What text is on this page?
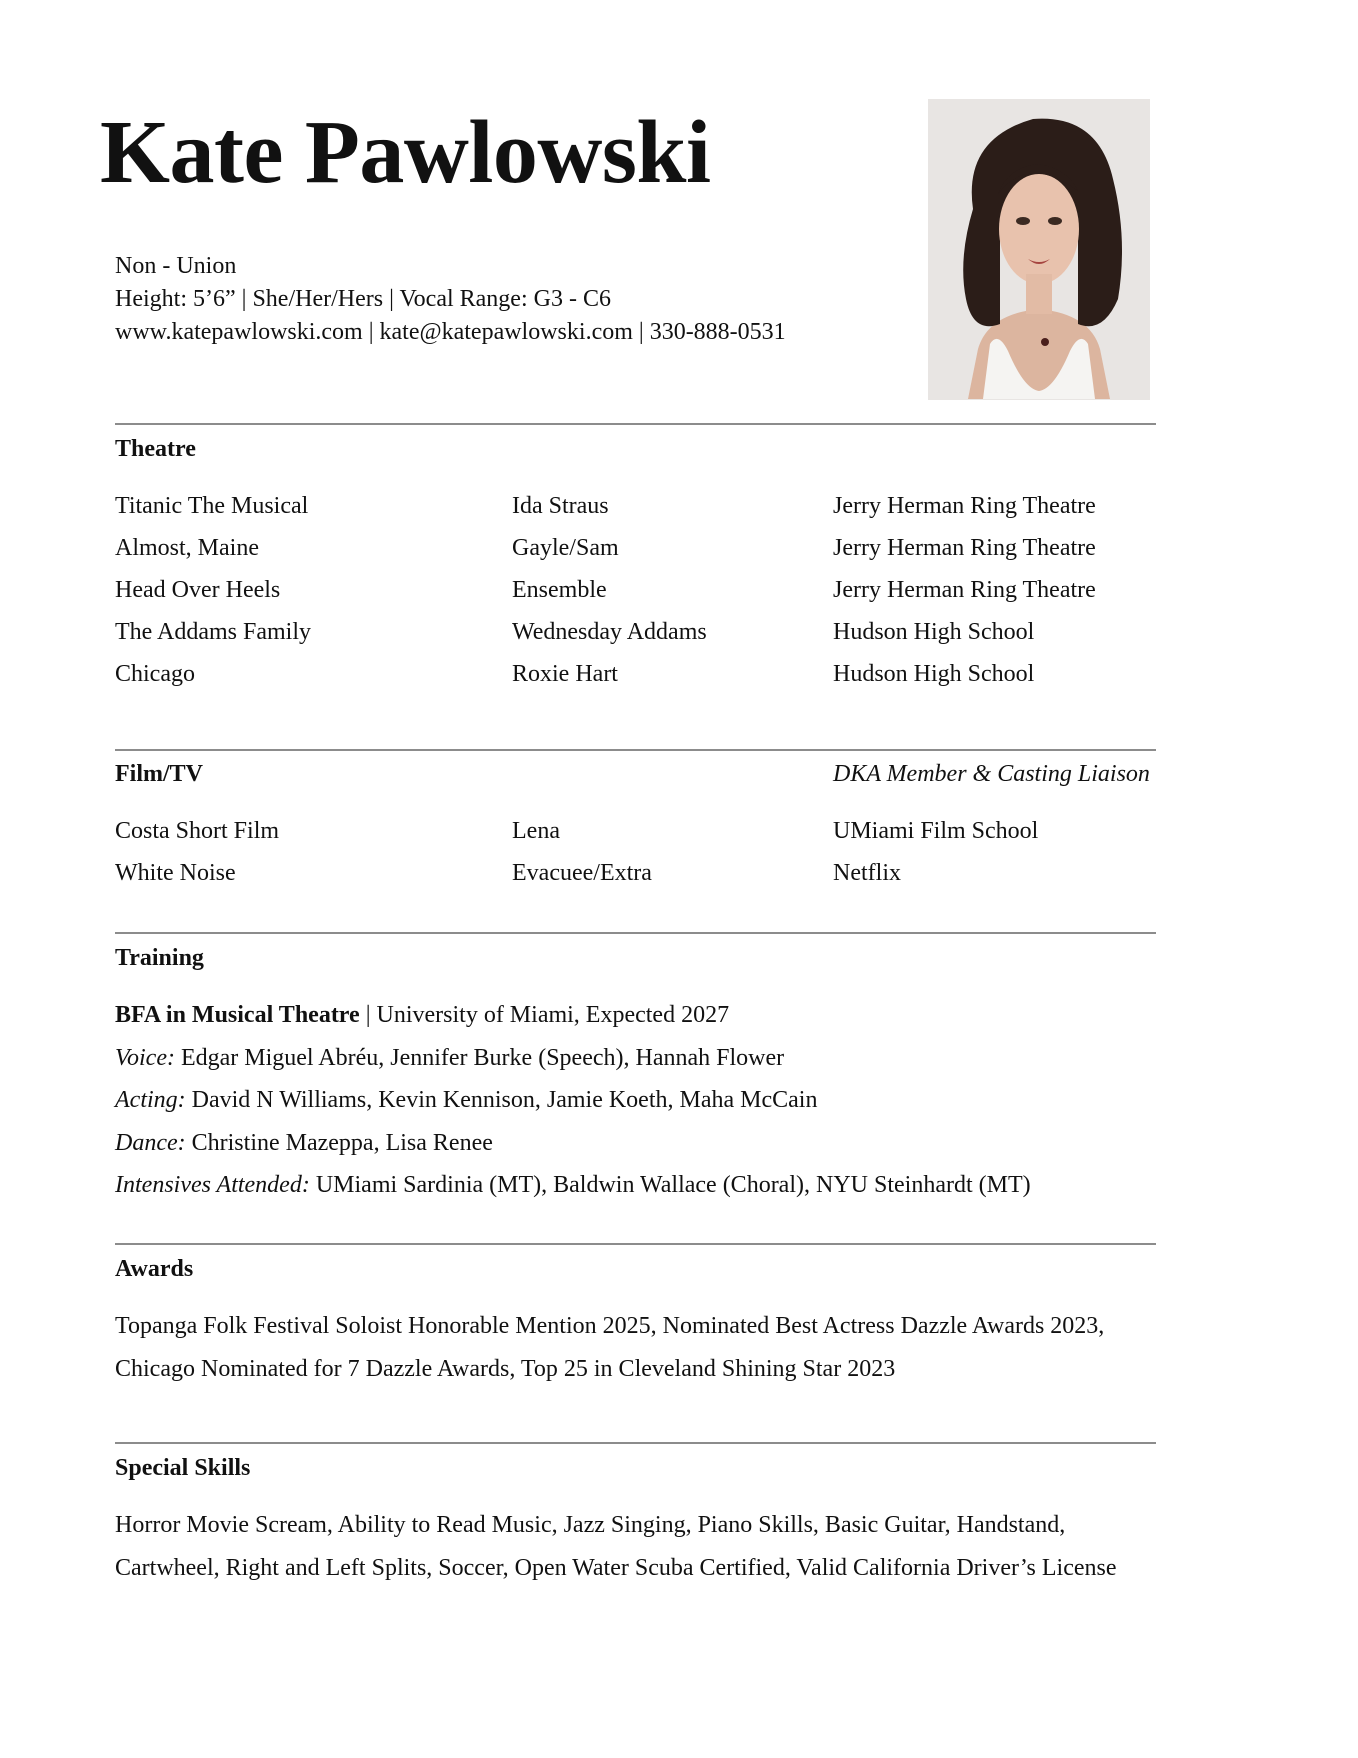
Kate Pawlowski
Non - Union
Height: 5’6” | She/Her/Hers | Vocal Range: G3 - C6
www.katepawlowski.com | kate@katepawlowski.com | 330-888-0531
Theatre
Titanic The Musical	Ida Straus	Jerry Herman Ring Theatre
Almost, Maine	Gayle/Sam	Jerry Herman Ring Theatre
Head Over Heels	Ensemble	Jerry Herman Ring Theatre
The Addams Family	Wednesday Addams	Hudson High School
Chicago	Roxie Hart	Hudson High School
Film/TV	DKA Member & Casting Liaison
Costa Short Film	Lena	UMiami Film School
White Noise	Evacuee/Extra	Netflix
Training
BFA in Musical Theatre | University of Miami, Expected 2027
Voice: Edgar Miguel Abréu, Jennifer Burke (Speech), Hannah Flower
Acting: David N Williams, Kevin Kennison, Jamie Koeth, Maha McCain
Dance: Christine Mazeppa, Lisa Renee
Intensives Attended: UMiami Sardinia (MT), Baldwin Wallace (Choral), NYU Steinhardt (MT)
Awards
Topanga Folk Festival Soloist Honorable Mention 2025, Nominated Best Actress Dazzle Awards 2023,
Chicago Nominated for 7 Dazzle Awards, Top 25 in Cleveland Shining Star 2023
Special Skills
Horror Movie Scream, Ability to Read Music, Jazz Singing, Piano Skills, Basic Guitar, Handstand,
Cartwheel, Right and Left Splits, Soccer, Open Water Scuba Certified, Valid California Driver’s License
